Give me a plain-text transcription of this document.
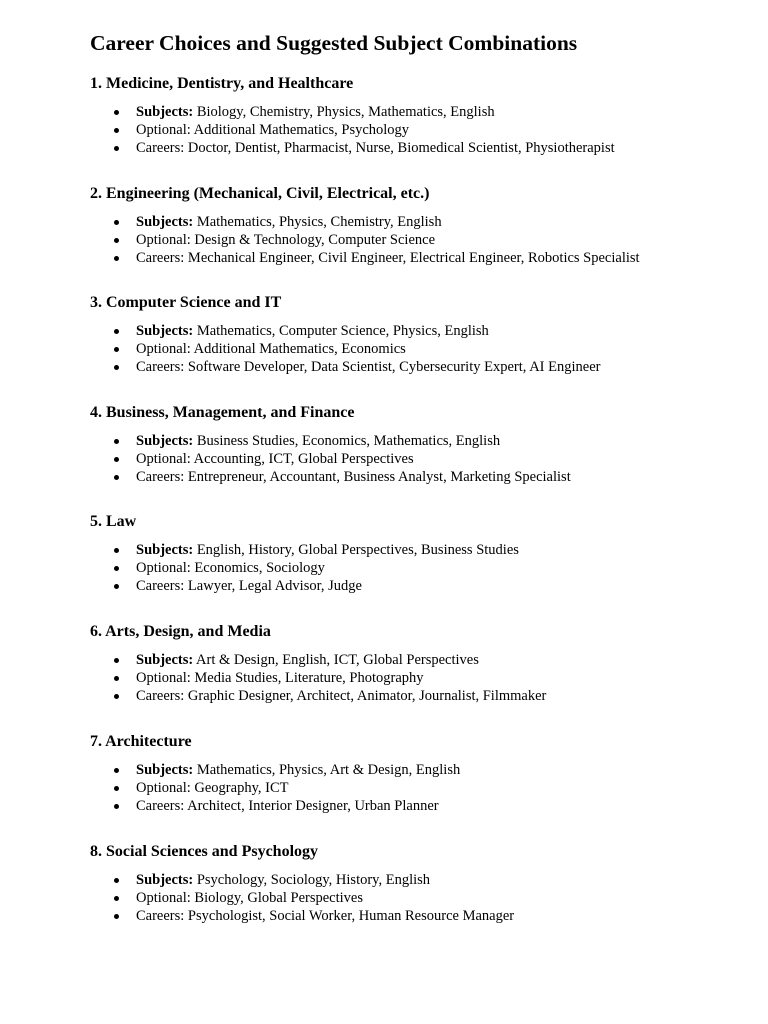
Career Choices and Suggested Subject Combinations
1. Medicine, Dentistry, and Healthcare
Subjects: Biology, Chemistry, Physics, Mathematics, English
Optional: Additional Mathematics, Psychology
Careers: Doctor, Dentist, Pharmacist, Nurse, Biomedical Scientist, Physiotherapist
2. Engineering (Mechanical, Civil, Electrical, etc.)
Subjects: Mathematics, Physics, Chemistry, English
Optional: Design & Technology, Computer Science
Careers: Mechanical Engineer, Civil Engineer, Electrical Engineer, Robotics Specialist
3. Computer Science and IT
Subjects: Mathematics, Computer Science, Physics, English
Optional: Additional Mathematics, Economics
Careers: Software Developer, Data Scientist, Cybersecurity Expert, AI Engineer
4. Business, Management, and Finance
Subjects: Business Studies, Economics, Mathematics, English
Optional: Accounting, ICT, Global Perspectives
Careers: Entrepreneur, Accountant, Business Analyst, Marketing Specialist
5. Law
Subjects: English, History, Global Perspectives, Business Studies
Optional: Economics, Sociology
Careers: Lawyer, Legal Advisor, Judge
6. Arts, Design, and Media
Subjects: Art & Design, English, ICT, Global Perspectives
Optional: Media Studies, Literature, Photography
Careers: Graphic Designer, Architect, Animator, Journalist, Filmmaker
7. Architecture
Subjects: Mathematics, Physics, Art & Design, English
Optional: Geography, ICT
Careers: Architect, Interior Designer, Urban Planner
8. Social Sciences and Psychology
Subjects: Psychology, Sociology, History, English
Optional: Biology, Global Perspectives
Careers: Psychologist, Social Worker, Human Resource Manager
